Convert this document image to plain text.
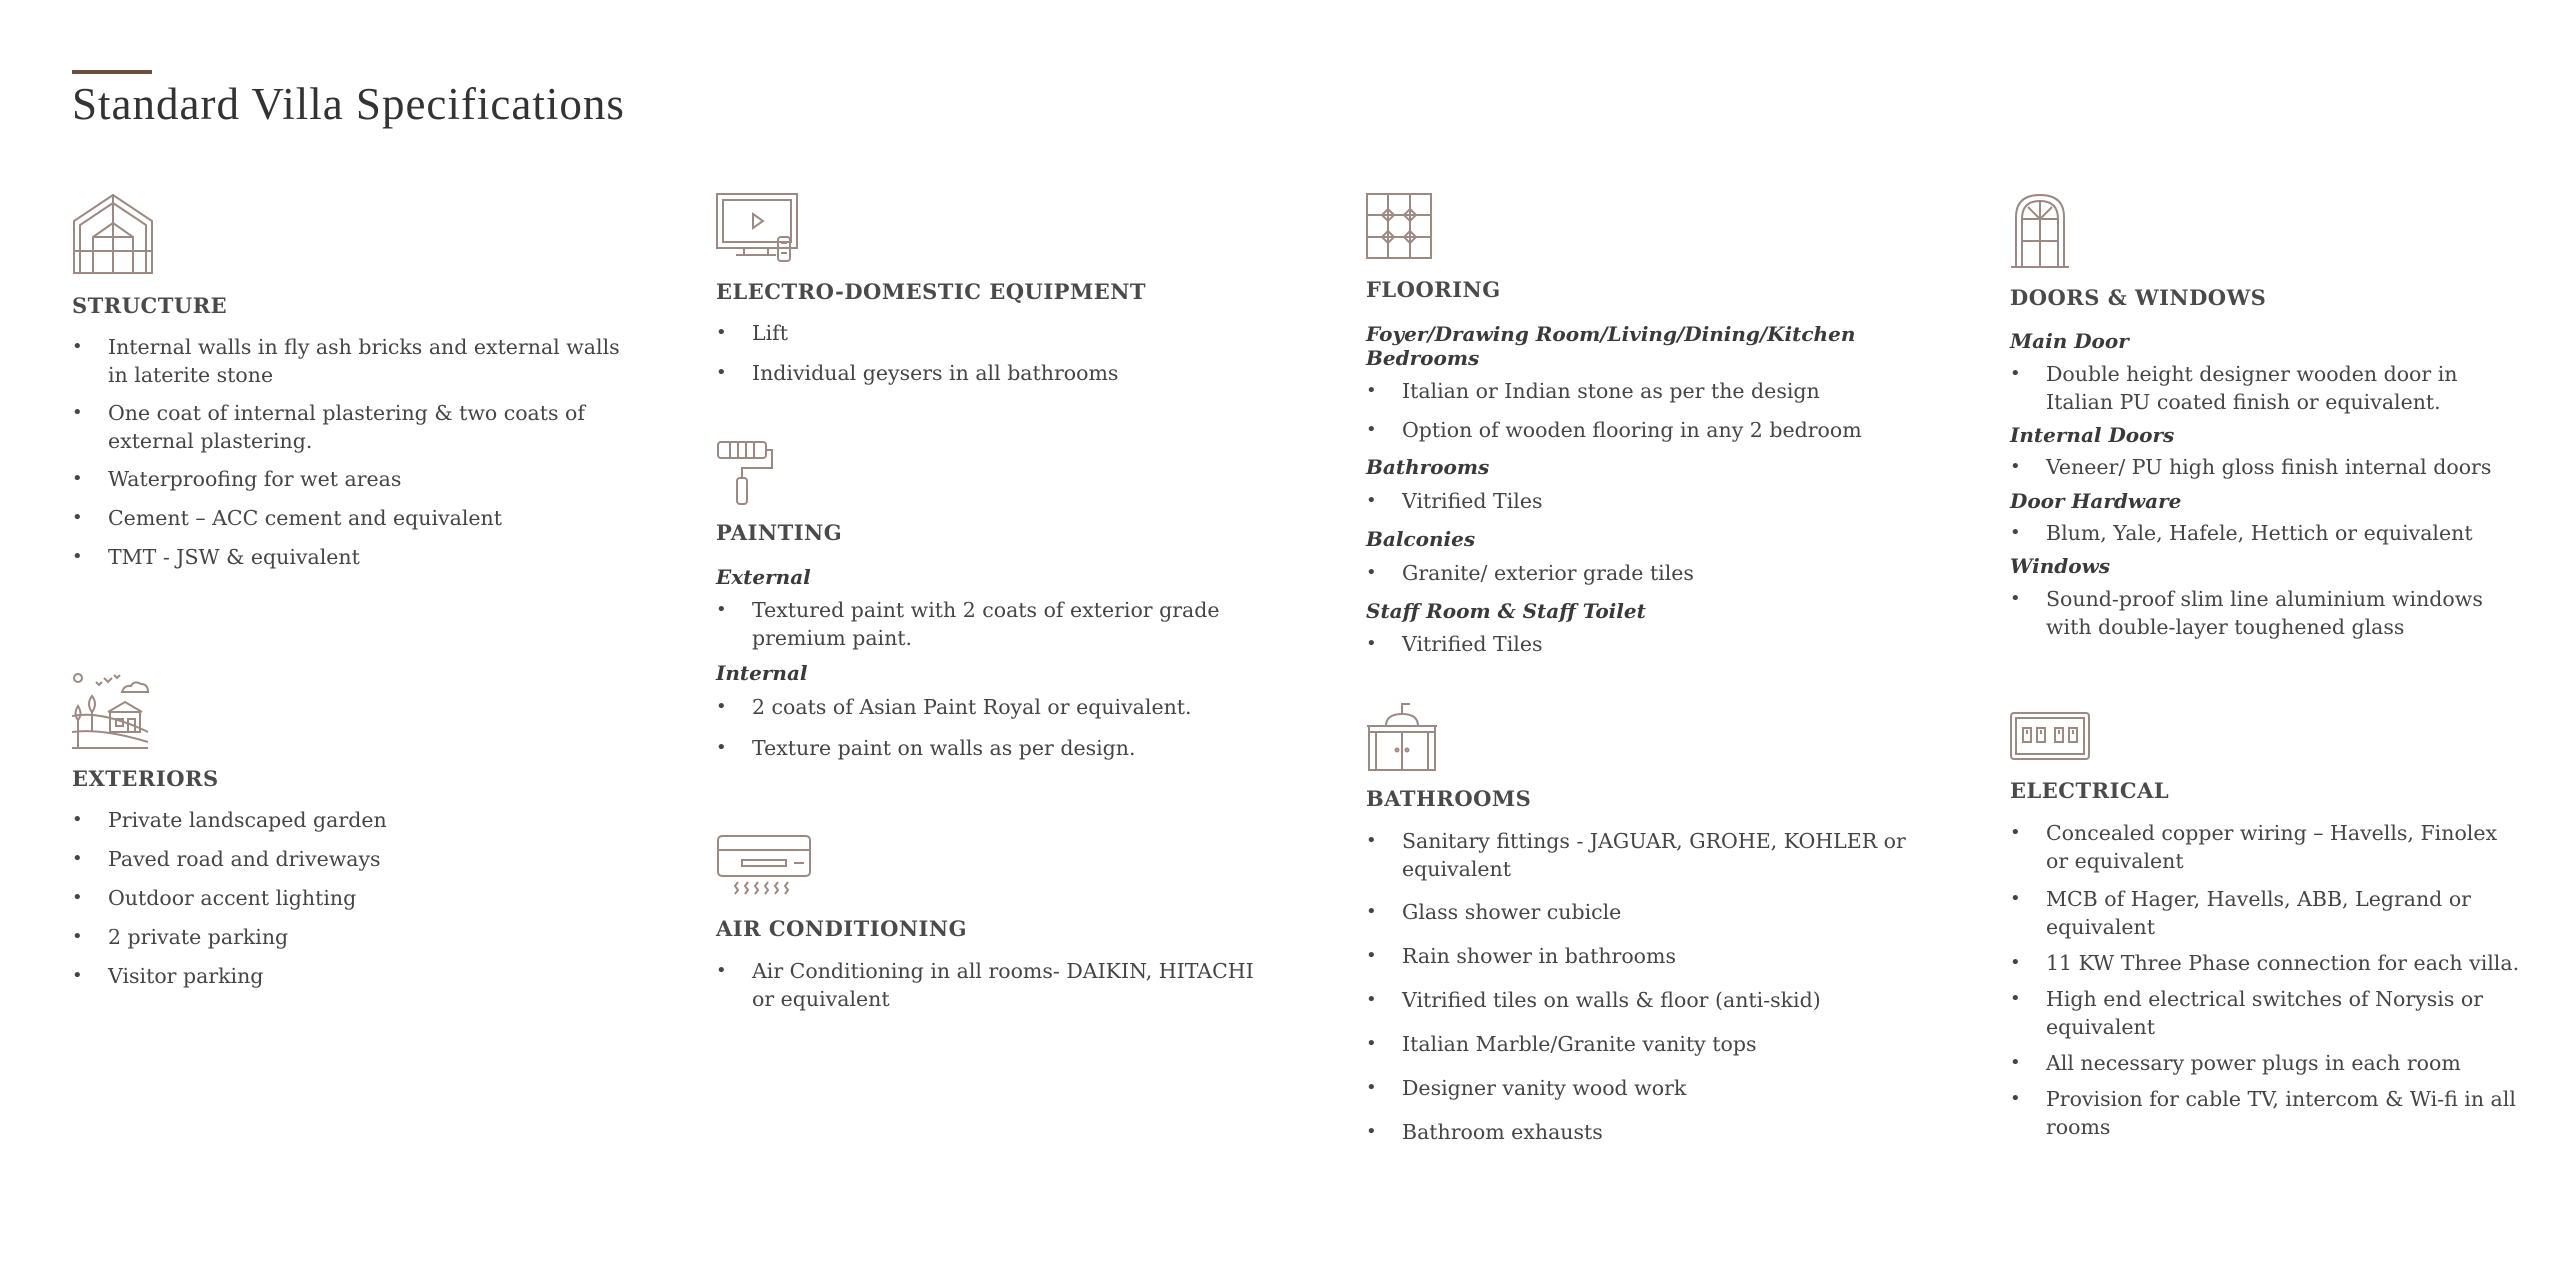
Standard Villa Specifications
STRUCTURE
• Internal walls in fly ash bricks and external walls in laterite stone
• One coat of internal plastering & two coats of external plastering.
• Waterproofing for wet areas
• Cement – ACC cement and equivalent
• TMT - JSW & equivalent
EXTERIORS
• Private landscaped garden
• Paved road and driveways
• Outdoor accent lighting
• 2 private parking
• Visitor parking
ELECTRO-DOMESTIC EQUIPMENT
• Lift
• Individual geysers in all bathrooms
PAINTING

External

• Textured paint with 2 coats of exterior grade premium paint.

Internal

• 2 coats of Asian Paint Royal or equivalent.
• Texture paint on walls as per design.
AIR CONDITIONING
• Air Conditioning in all rooms- DAIKIN, HITACHI or equivalent
FLOORING

Foyer/Drawing Room/Living/Dining/Kitchen Bedrooms

• Italian or Indian stone as per the design
• Option of wooden flooring in any 2 bedroom

Bathrooms

• Vitrified Tiles

Balconies

• Granite/ exterior grade tiles

Staff Room & Staff Toilet

• Vitrified Tiles
BATHROOMS
• Sanitary fittings - JAGUAR, GROHE, KOHLER or equivalent
• Glass shower cubicle
• Rain shower in bathrooms
• Vitrified tiles on walls & floor (anti-skid)
• Italian Marble/Granite vanity tops
• Designer vanity wood work
• Bathroom exhausts
DOORS & WINDOWS

Main Door

• Double height designer wooden door in Italian PU coated finish or equivalent.

Internal Doors

• Veneer/ PU high gloss finish internal doors

Door Hardware

• Blum, Yale, Hafele, Hettich or equivalent

Windows

• Sound-proof slim line aluminium windows with double-layer toughened glass
ELECTRICAL
• Concealed copper wiring – Havells, Finolex or equivalent
• MCB of Hager, Havells, ABB, Legrand or equivalent
• 11 KW Three Phase connection for each villa.
• High end electrical switches of Norysis or equivalent
• All necessary power plugs in each room
• Provision for cable TV, intercom & Wi-fi in all rooms
